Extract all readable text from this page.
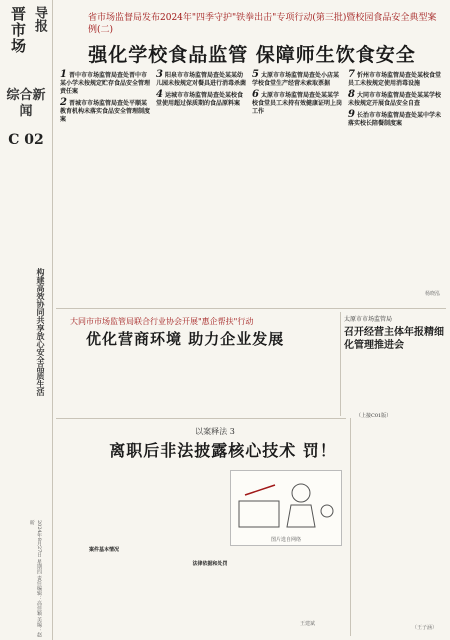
晋市场 导报
综合新闻
C 02
构建高效协同共享放心安全品质生活
2024年8月27日 星期四 责任编辑：高佳颖 美编：赵昕
省市场监督局发布2024年"四季守护"铁拳出击"专项行动(第三批)暨校园食品安全典型案例(二)
强化学校食品监管 保障师生饮食安全
1 晋中市市场监管局查处晋中市某小学未按规定贮存食品安全管理责任案
2 晋城市市场监管局查处平顺某教育机构未落实食品安全管理制度案
3 阳泉市市场监管局查处某某幼儿园未按规定对餐具进行消毒杀菌
4 运城市市场监管局查处某校食堂使用超过保质期的食品原料案
5 太原市市场监管局查处小店某学校食堂生产经营未索取票据
6 太原市市场监管局查处某某学校食堂员工未持有效健康证明上岗工作
7 忻州市市场监管局查处某校食堂员工未按规定使用消毒设施
8 大同市市场监管局查处某某学校未按规定开展食品安全自查
9 长治市市场监管局查处某中学未落实校长陪餐制度案
杨晓泓
大同市市场监管局联合行业协会开展"惠企帮扶"行动
优化营商环境 助力企业发展
太原市市场监管局
召开经营主体年报精细化管理推进会
以案释法 3
离职后非法披露核心技术 罚！
案件基本情况
图片选自网络
法律依据和处罚
王建斌
（上接C01版）
（王子涵）
